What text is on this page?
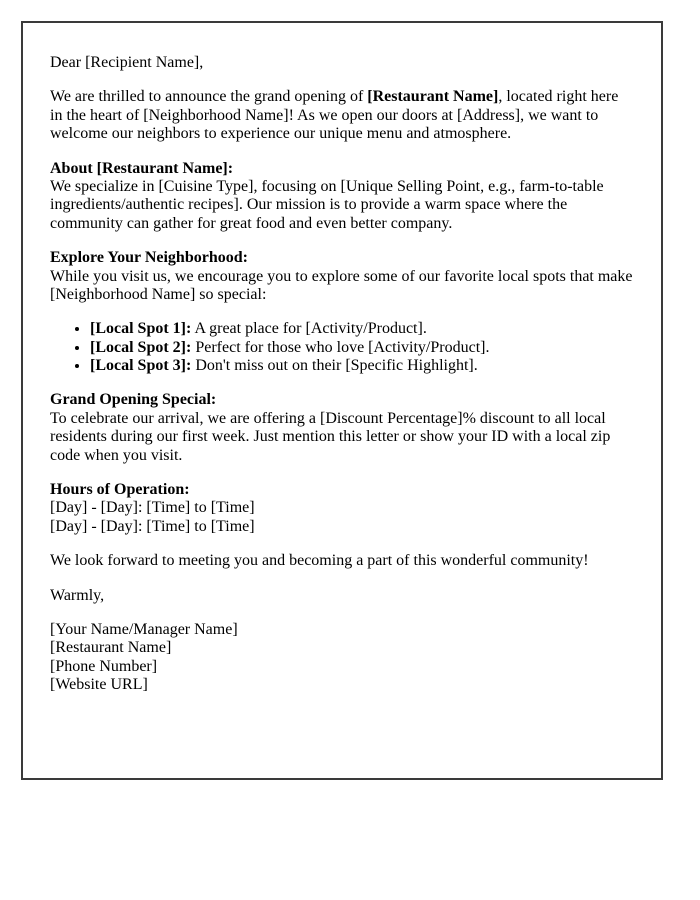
Dear [Recipient Name],

We are thrilled to announce the grand opening of [Restaurant Name], located right here in the heart of [Neighborhood Name]! As we open our doors at [Address], we want to welcome our neighbors to experience our unique menu and atmosphere.

About [Restaurant Name]:
We specialize in [Cuisine Type], focusing on [Unique Selling Point, e.g., farm-to-table ingredients/authentic recipes]. Our mission is to provide a warm space where the community can gather for great food and even better company.

Explore Your Neighborhood:
While you visit us, we encourage you to explore some of our favorite local spots that make [Neighborhood Name] so special:

• [Local Spot 1]: A great place for [Activity/Product].
• [Local Spot 2]: Perfect for those who love [Activity/Product].
• [Local Spot 3]: Don't miss out on their [Specific Highlight].

Grand Opening Special:
To celebrate our arrival, we are offering a [Discount Percentage]% discount to all local residents during our first week. Just mention this letter or show your ID with a local zip code when you visit.

Hours of Operation:
[Day] - [Day]: [Time] to [Time]
[Day] - [Day]: [Time] to [Time]

We look forward to meeting you and becoming a part of this wonderful community!

Warmly,

[Your Name/Manager Name]
[Restaurant Name]
[Phone Number]
[Website URL]
